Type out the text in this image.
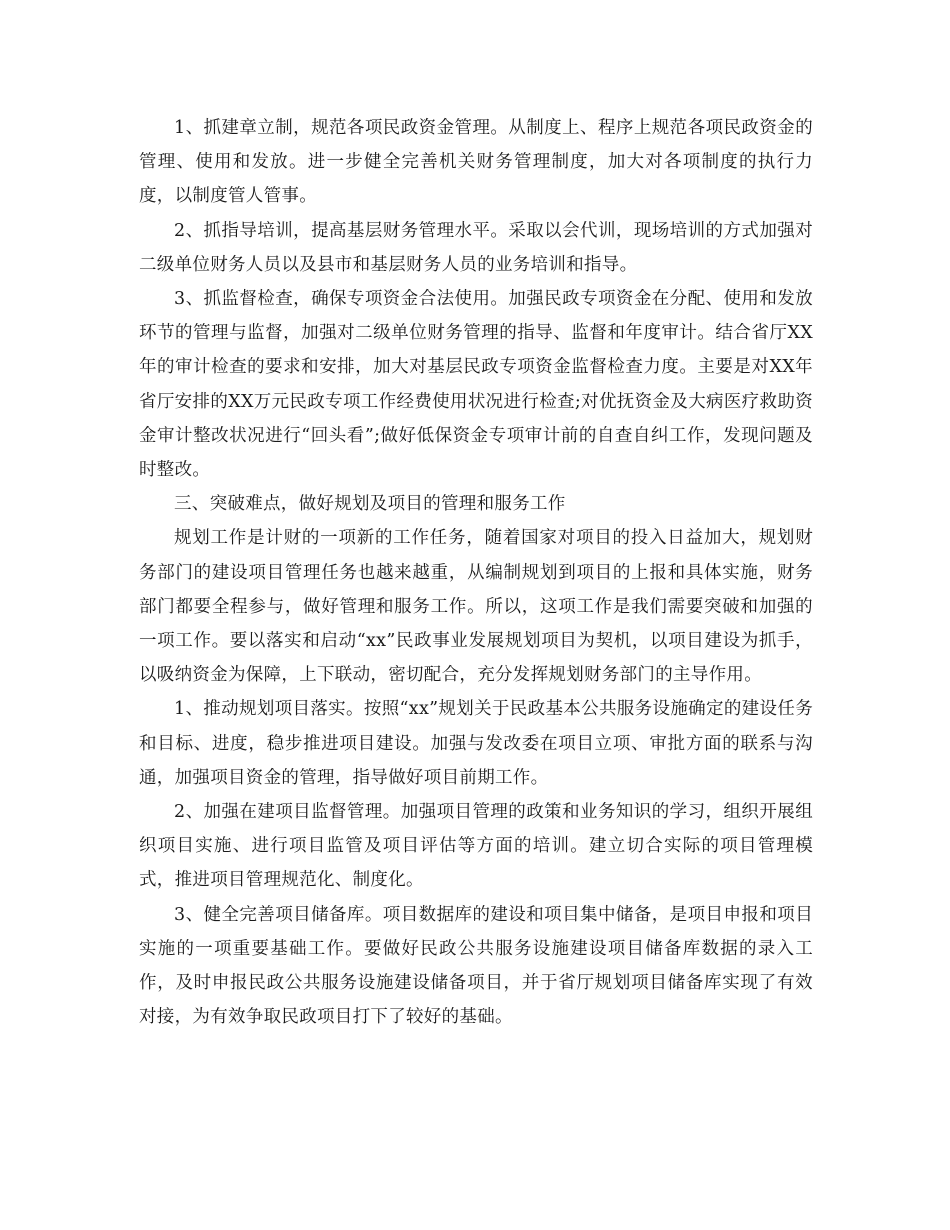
1、抓建章立制，规范各项民政资金管理。从制度上、程序上规范各项民政资金的管理、使用和发放。进一步健全完善机关财务管理制度，加大对各项制度的执行力度，以制度管人管事。

2、抓指导培训，提高基层财务管理水平。采取以会代训，现场培训的方式加强对二级单位财务人员以及县市和基层财务人员的业务培训和指导。

3、抓监督检查，确保专项资金合法使用。加强民政专项资金在分配、使用和发放环节的管理与监督，加强对二级单位财务管理的指导、监督和年度审计。结合省厅XX年的审计检查的要求和安排，加大对基层民政专项资金监督检查力度。主要是对XX年省厅安排的XX万元民政专项工作经费使用状况进行检查;对优抚资金及大病医疗救助资金审计整改状况进行“回头看”;做好低保资金专项审计前的自查自纠工作，发现问题及时整改。

三、突破难点，做好规划及项目的管理和服务工作

规划工作是计财的一项新的工作任务，随着国家对项目的投入日益加大，规划财务部门的建设项目管理任务也越来越重，从编制规划到项目的上报和具体实施，财务部门都要全程参与，做好管理和服务工作。所以，这项工作是我们需要突破和加强的一项工作。要以落实和启动“xx”民政事业发展规划项目为契机，以项目建设为抓手，以吸纳资金为保障，上下联动，密切配合，充分发挥规划财务部门的主导作用。

1、推动规划项目落实。按照“xx”规划关于民政基本公共服务设施确定的建设任务和目标、进度，稳步推进项目建设。加强与发改委在项目立项、审批方面的联系与沟通，加强项目资金的管理，指导做好项目前期工作。

2、加强在建项目监督管理。加强项目管理的政策和业务知识的学习，组织开展组织项目实施、进行项目监管及项目评估等方面的培训。建立切合实际的项目管理模式，推进项目管理规范化、制度化。

3、健全完善项目储备库。项目数据库的建设和项目集中储备，是项目申报和项目实施的一项重要基础工作。要做好民政公共服务设施建设项目储备库数据的录入工作，及时申报民政公共服务设施建设储备项目，并于省厅规划项目储备库实现了有效对接，为有效争取民政项目打下了较好的基础。
